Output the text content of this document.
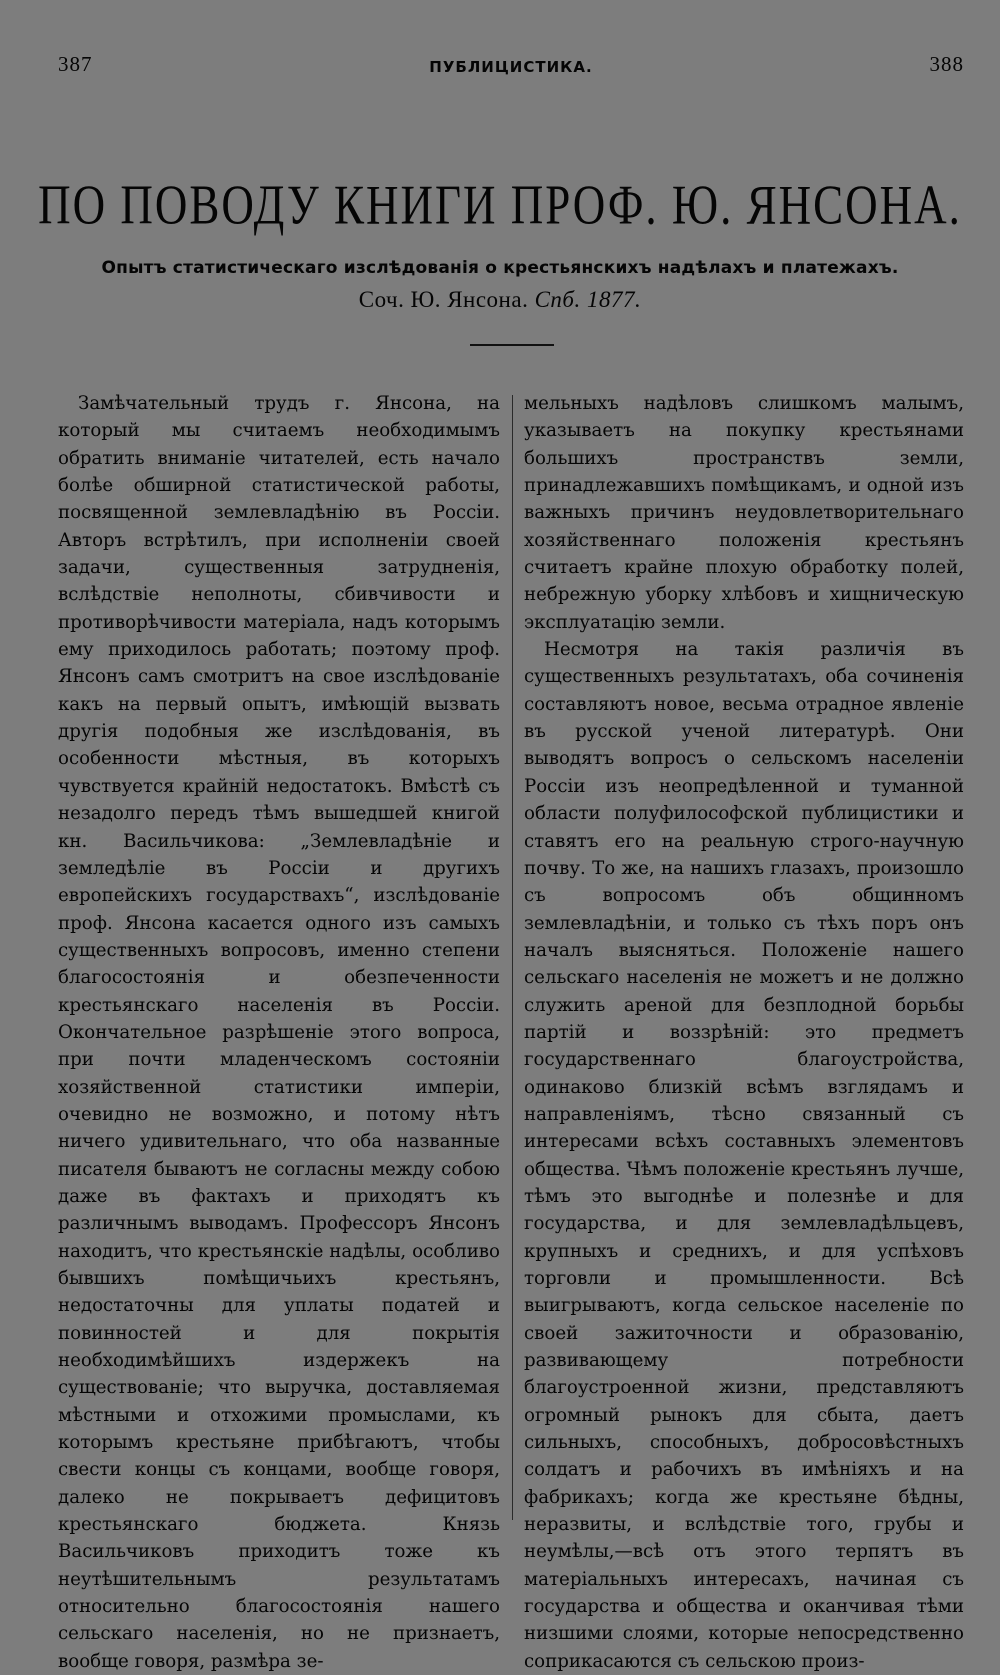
387	ПУБЛИЦИСТИКА.	388
ПО ПОВОДУ КНИГИ ПРОФ. Ю. ЯНСОНА.
Опытъ статистическаго изслѣдованія о крестьянскихъ надѣлахъ и платежахъ.
Соч. Ю. Янсона. Спб. 1877.

Замѣчательный трудъ г. Янсона, на который мы считаемъ необходимымъ обратить вниманіе читателей, есть начало болѣе обширной статистической работы, посвященной землевладѣнію въ Россіи. Авторъ встрѣтилъ, при исполненіи своей задачи, существенныя затрудненія, вслѣдствіе неполноты, сбивчивости и противорѣчивости матеріала, надъ которымъ ему приходилось работать; поэтому проф. Янсонъ самъ смотритъ на свое изслѣдованіе какъ на первый опытъ, имѣющій вызвать другія подобныя же изслѣдованія, въ особенности мѣстныя, въ которыхъ чувствуется крайній недостатокъ. Вмѣстѣ съ незадолго передъ тѣмъ вышедшей книгой кн. Васильчикова: „Землевладѣніе и земледѣліе въ Россіи и другихъ европейскихъ государствахъ“, изслѣдованіе проф. Янсона касается одного изъ самыхъ существенныхъ вопросовъ, именно степени благосостоянія и обезпеченности крестьянскаго населенія въ Россіи. Окончательное разрѣшеніе этого вопроса, при почти младенческомъ состояніи хозяйственной статистики имперіи, очевидно не возможно, и потому нѣтъ ничего удивительнаго, что оба названные писателя бываютъ не согласны между собою даже въ фактахъ и приходятъ къ различнымъ выводамъ. Профессоръ Янсонъ находитъ, что крестьянскіе надѣлы, особливо бывшихъ помѣщичьихъ крестьянъ, недостаточны для уплаты податей и повинностей и для покрытія необходимѣйшихъ издержекъ на существованіе; что выручка, доставляемая мѣстными и отхожими промыслами, къ которымъ крестьяне прибѣгаютъ, чтобы свести концы съ концами, вообще говоря, далеко не покрываетъ дефицитовъ крестьянскаго бюджета. Князь Васильчиковъ приходитъ тоже къ неутѣшительнымъ результатамъ относительно благосостоянія нашего сельскаго населенія, но не признаетъ, вообще говоря, размѣра зе-

мельныхъ надѣловъ слишкомъ малымъ, указываетъ на покупку крестьянами большихъ пространствъ земли, принадлежавшихъ помѣщикамъ, и одной изъ важныхъ причинъ неудовлетворительнаго хозяйственнаго положенія крестьянъ считаетъ крайне плохую обработку полей, небрежную уборку хлѣбовъ и хищническую эксплуатацію земли.

Несмотря на такія различія въ существенныхъ результатахъ, оба сочиненія составляютъ новое, весьма отрадное явленіе въ русской ученой литературѣ. Они выводятъ вопросъ о сельскомъ населеніи Россіи изъ неопредѣленной и туманной области полуфилософской публицистики и ставятъ его на реальную строго-научную почву. То же, на нашихъ глазахъ, произошло съ вопросомъ объ общинномъ землевладѣніи, и только съ тѣхъ поръ онъ началъ выясняться. Положеніе нашего сельскаго населенія не можетъ и не должно служить ареной для безплодной борьбы партій и воззрѣній: это предметъ государственнаго благоустройства, одинаково близкій всѣмъ взглядамъ и направленіямъ, тѣсно связанный съ интересами всѣхъ составныхъ элементовъ общества. Чѣмъ положеніе крестьянъ лучше, тѣмъ это выгоднѣе и полезнѣе и для государства, и для землевладѣльцевъ, крупныхъ и среднихъ, и для успѣховъ торговли и промышленности. Всѣ выигрываютъ, когда сельское населеніе по своей зажиточности и образованію, развивающему потребности благоустроенной жизни, представляютъ огромный рынокъ для сбыта, даетъ сильныхъ, способныхъ, добросовѣстныхъ солдатъ и рабочихъ въ имѣніяхъ и на фабрикахъ; когда же крестьяне бѣдны, неразвиты, и вслѣдствіе того, грубы и неумѣлы,—всѣ отъ этого терпятъ въ матеріальныхъ интересахъ, начиная съ государства и общества и оканчивая тѣми низшими слоями, которые непосредственно соприкасаются съ сельскою произ-
